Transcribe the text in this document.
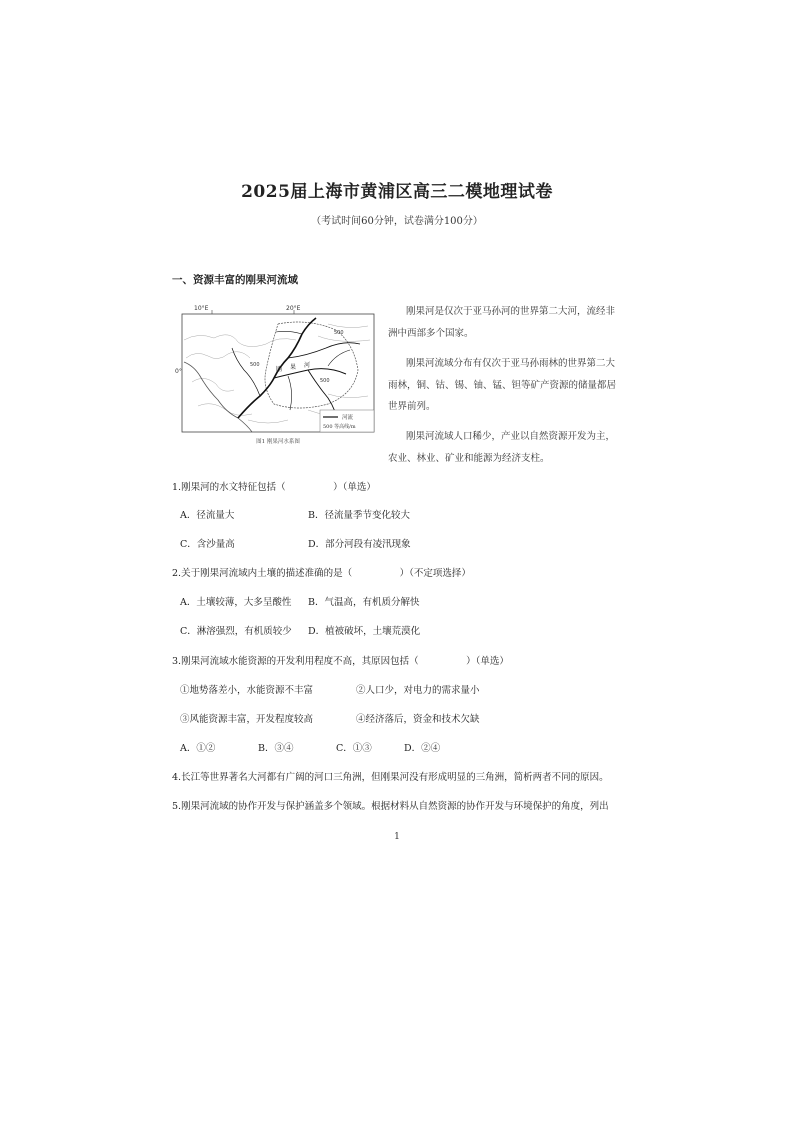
2025届上海市黄浦区高三二模地理试卷
（考试时间60分钟，试卷满分100分）
一、资源丰富的刚果河流域
10°E	20°E
0°
500
500
500
刚 果 河
河流
500 等高线/m
图1 刚果河水系图
刚果河是仅次于亚马孙河的世界第二大河，流经非
洲中西部多个国家。
刚果河流域分布有仅次于亚马孙雨林的世界第二大
雨林，铜、钴、锡、铀、锰、钽等矿产资源的储量都居
世界前列。
刚果河流域人口稀少，产业以自然资源开发为主，
农业、林业、矿业和能源为经济支柱。
1.刚果河的水文特征包括（　　　　　）（单选）
A．径流量大	B．径流量季节变化较大
C．含沙量高	D．部分河段有凌汛现象
2.关于刚果河流域内土壤的描述准确的是（　　　　　）（不定项选择）
A．土壤较薄，大多呈酸性 B．气温高，有机质分解快
C．淋溶强烈，有机质较少 D．植被破坏，土壤荒漠化
3.刚果河流域水能资源的开发利用程度不高，其原因包括（　　　　　）（单选）
①地势落差小，水能资源不丰富	②人口少，对电力的需求量小
③风能资源丰富，开发程度较高	④经济落后，资金和技术欠缺
A．①②	B．③④	C．①③	D．②④
4.长江等世界著名大河都有广阔的河口三角洲，但刚果河没有形成明显的三角洲，简析两者不同的原因。
5.刚果河流域的协作开发与保护涵盖多个领域。根据材料从自然资源的协作开发与环境保护的角度，列出
1
